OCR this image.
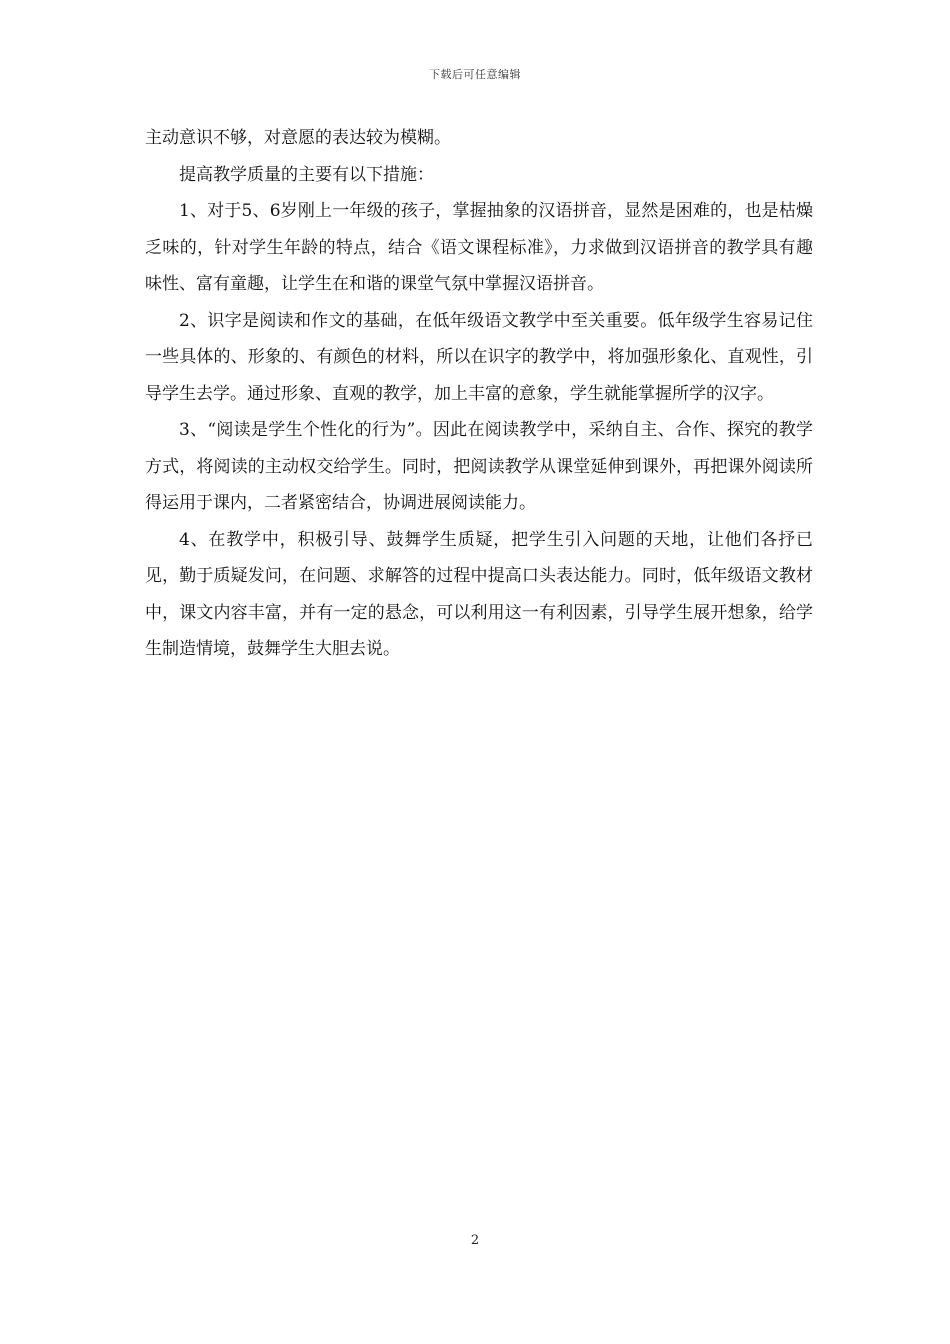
下载后可任意编辑

主动意识不够，对意愿的表达较为模糊。

提高教学质量的主要有以下措施：

1、对于5、6岁刚上一年级的孩子，掌握抽象的汉语拼音，显然是困难的，也是枯燥乏味的，针对学生年龄的特点，结合《语文课程标准》，力求做到汉语拼音的教学具有趣味性、富有童趣，让学生在和谐的课堂气氛中掌握汉语拼音。

2、识字是阅读和作文的基础，在低年级语文教学中至关重要。低年级学生容易记住一些具体的、形象的、有颜色的材料，所以在识字的教学中，将加强形象化、直观性，引导学生去学。通过形象、直观的教学，加上丰富的意象，学生就能掌握所学的汉字。

3、“阅读是学生个性化的行为”。因此在阅读教学中，采纳自主、合作、探究的教学方式，将阅读的主动权交给学生。同时，把阅读教学从课堂延伸到课外，再把课外阅读所得运用于课内，二者紧密结合，协调进展阅读能力。

4、在教学中，积极引导、鼓舞学生质疑，把学生引入问题的天地，让他们各抒已见，勤于质疑发问，在问题、求解答的过程中提高口头表达能力。同时，低年级语文教材中，课文内容丰富，并有一定的悬念，可以利用这一有利因素，引导学生展开想象，给学生制造情境，鼓舞学生大胆去说。

2
